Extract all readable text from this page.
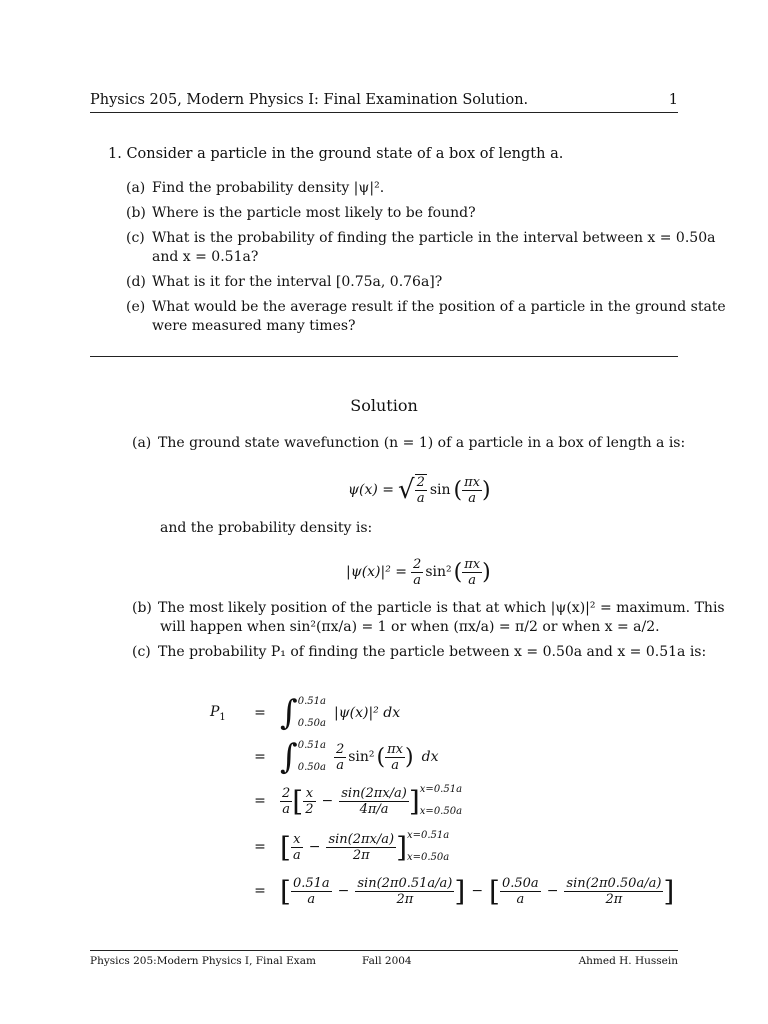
Physics 205, Modern Physics I: Final Examination Solution.	1
1. Consider a particle in the ground state of a box of length a.
(a) Find the probability density |ψ|².
(b) Where is the particle most likely to be found?
(c) What is the probability of finding the particle in the interval between x = 0.50a
and x = 0.51a?
(d) What is it for the interval [0.75a, 0.76a]?
(e) What would be the average result if the position of a particle in the ground state
were measured many times?
Solution
(a) The ground state wavefunction (n = 1) of a particle in a box of length a is:
ψ(x) = √ $\frac{2}{a}$ sin ( $\frac{\pi x}{a}$ )
and the probability density is:
$|\psi(x)|^2 = \frac{2}{a} \sin^2$ ( $\frac{\pi x}{a}$ )
(b) The most likely position of the particle is that at which |ψ(x)|² = maximum. This
will happen when sin²(πx/a) = 1 or when (πx/a) = π/2 or when x = a/2.
(c) The probability P₁ of finding the particle between x = 0.50a and x = 0.51a is:
$P_1$	= ∫ 0.51a
0.50a
|ψ(x)|² dx
= ∫ 0.51a
$0.50a \frac{2}{a} \sin^2$ ( $\frac{\pi x}{a}$ ) dx
=	$\frac{2}{a}$ [ $\frac{x}{2} - \frac{\sin(2\pi x/a)}{4\pi/a}$ ] x=0.51a
x=0.50a
= [ $\frac{x}{a} - \frac{\sin(2\pi x/a)}{2\pi}$ ] x=0.51a
x=0.50a
= [ $\frac{0.51a}{a} - \frac{\sin(2\pi 0.51a/a)}{2\pi}$ ] − [ $\frac{0.50a}{a} - \frac{\sin(2\pi 0.50a/a)}{2\pi}$ ]
Physics 205:Modern Physics I, Final Exam	Fall 2004	Ahmed H. Hussein
